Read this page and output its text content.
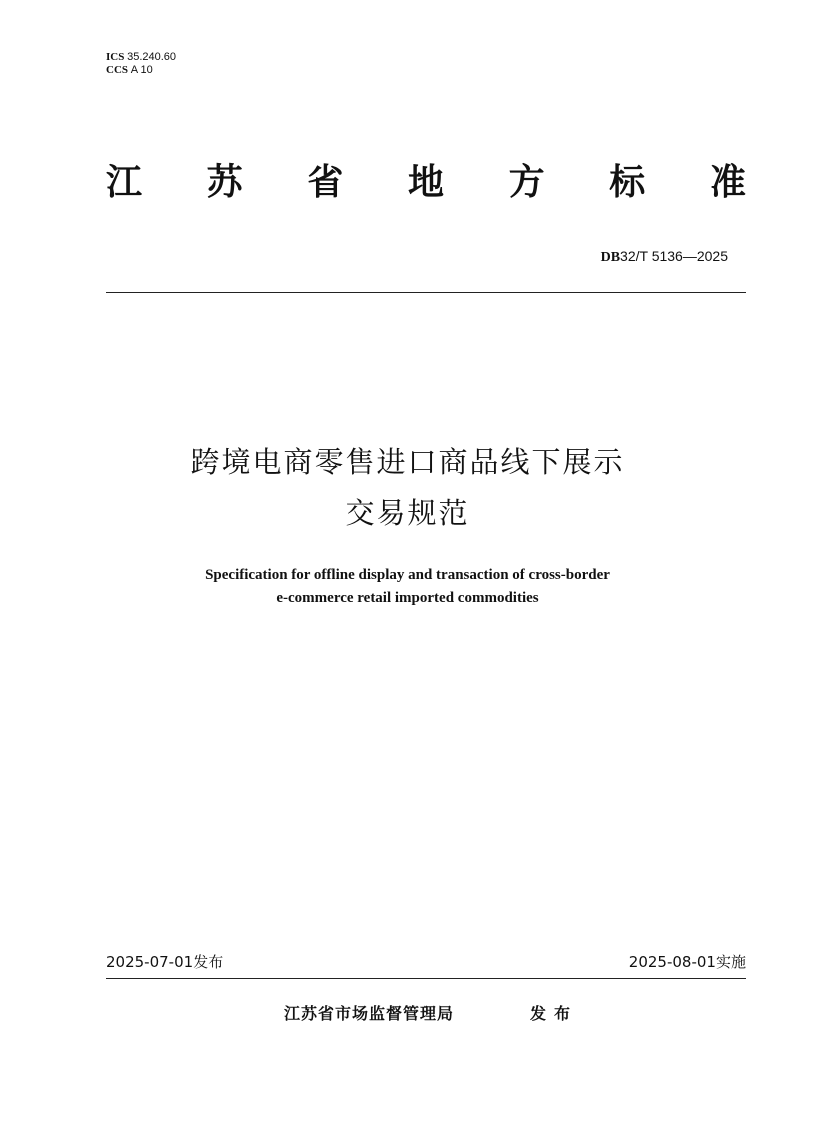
ICS 35.240.60
CCS A 10
江 苏 省 地 方 标 准
DB32/T 5136—2025
跨境电商零售进口商品线下展示
交易规范
Specification for offline display and transaction of cross-border
e-commerce retail imported commodities
2025-07-01发布	2025-08-01实施
江苏省市场监督管理局	发布
